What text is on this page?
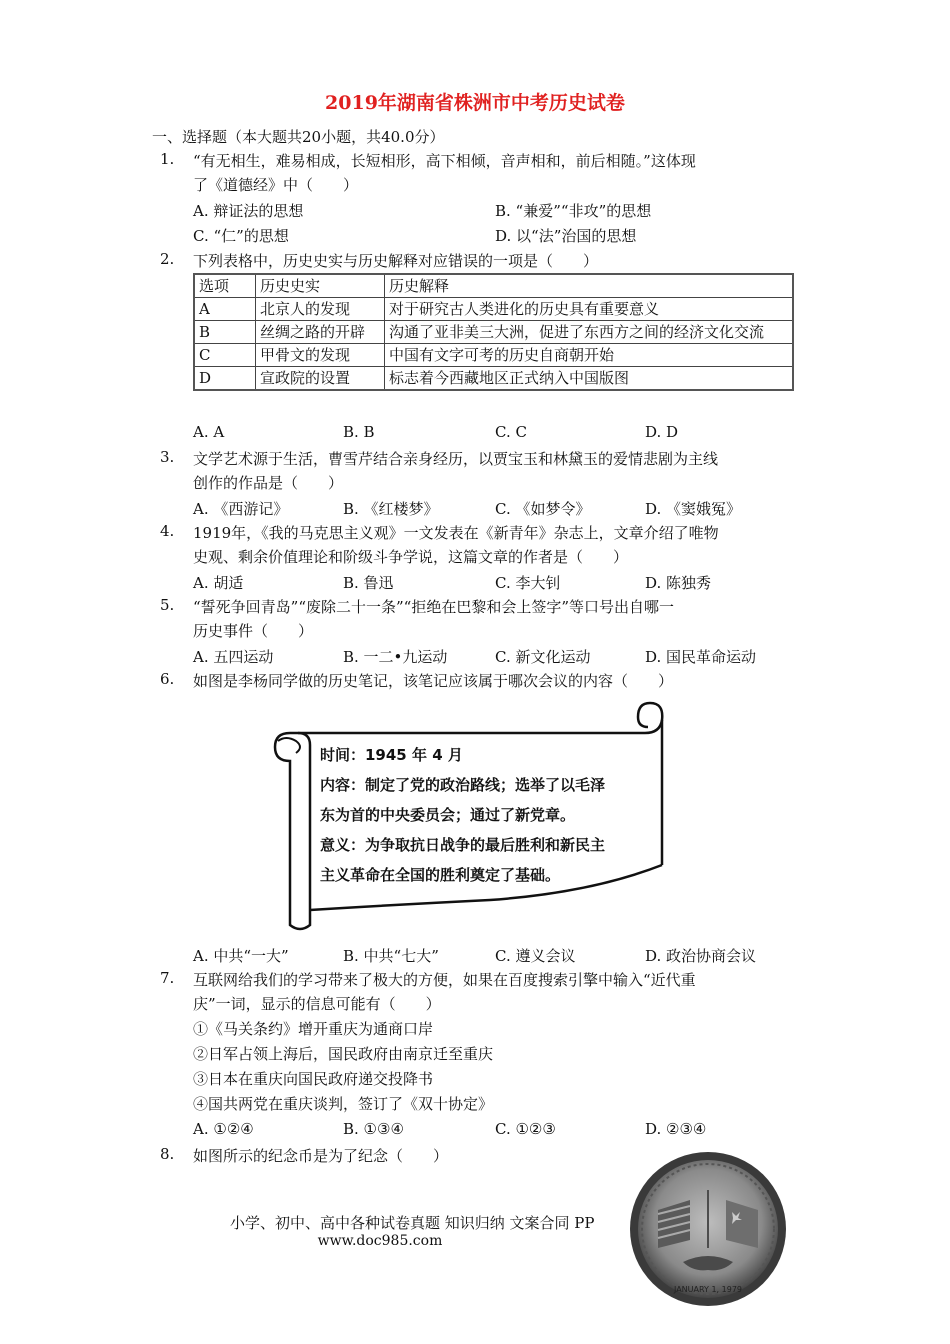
2019年湖南省株洲市中考历史试卷
一、选择题（本大题共20小题，共40.0分）
1. “有无相生，难易相成，长短相形，高下相倾，音声相和，前后相随。”这体现
了《道德经》中（　　）
A. 辩证法的思想	B. “兼爱”“非攻”的思想
C. “仁”的思想	D. 以“法”治国的思想
2. 下列表格中，历史史实与历史解释对应错误的一项是（　　）
选项	历史史实	历史解释
A	北京人的发现	对于研究古人类进化的历史具有重要意义
B	丝绸之路的开辟	沟通了亚非美三大洲，促进了东西方之间的经济文化交流
C	甲骨文的发现	中国有文字可考的历史自商朝开始
D	宣政院的设置	标志着今西藏地区正式纳入中国版图
A. A	B. B	C. C	D. D
3. 文学艺术源于生活，曹雪芹结合亲身经历，以贾宝玉和林黛玉的爱情悲剧为主线
创作的作品是（　　）
A. 《西游记》	B. 《红楼梦》	C. 《如梦令》	D. 《窦娥冤》
4. 1919年，《我的马克思主义观》一文发表在《新青年》杂志上，文章介绍了唯物
史观、剩余价值理论和阶级斗争学说，这篇文章的作者是（　　）
A. 胡适	B. 鲁迅	C. 李大钊	D. 陈独秀
5. “誓死争回青岛”“废除二十一条”“拒绝在巴黎和会上签字”等口号出自哪一
历史事件（　　）
A. 五四运动	B. 一二•九运动	C. 新文化运动	D. 国民革命运动
6. 如图是李杨同学做的历史笔记，该笔记应该属于哪次会议的内容（　　）
时间：1945 年 4 月
内容：制定了党的政治路线；选举了以毛泽
东为首的中央委员会；通过了新党章。
意义：为争取抗日战争的最后胜利和新民主
主义革命在全国的胜利奠定了基础。
A. 中共“一大”	B. 中共“七大”	C. 遵义会议	D. 政治协商会议
7. 互联网给我们的学习带来了极大的方便，如果在百度搜索引擎中输入“近代重
庆”一词，显示的信息可能有（　　）
①《马关条约》增开重庆为通商口岸
②日军占领上海后，国民政府由南京迁至重庆
③日本在重庆向国民政府递交投降书
④国共两党在重庆谈判，签订了《双十协定》
A. ①②④	B. ①③④	C. ①②③	D. ②③④
8. 如图所示的纪念币是为了纪念（　　）
小学、初中、高中各种试卷真题 知识归纳 文案合同 PP
www.doc985.com
JANUARY 1, 1979
